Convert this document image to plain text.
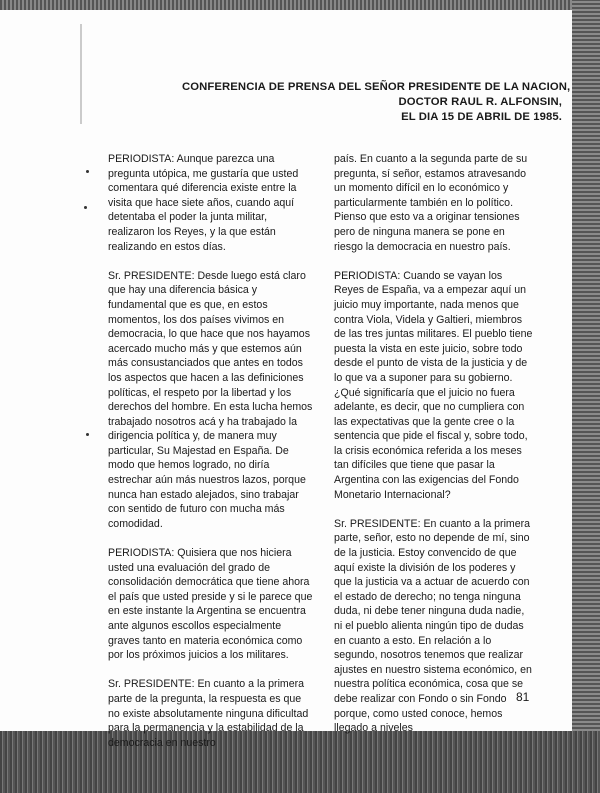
CONFERENCIA DE PRENSA DEL SEÑOR PRESIDENTE DE LA NACION,
DOCTOR RAUL R. ALFONSIN,
EL DIA 15 DE ABRIL DE 1985.

PERIODISTA: Aunque parezca una pregunta utópica, me gustaría que usted comentara qué diferencia existe entre la visita que hace siete años, cuando aquí detentaba el poder la junta militar, realizaron los Reyes, y la que están realizando en estos días.

Sr. PRESIDENTE: Desde luego está claro que hay una diferencia básica y fundamental que es que, en estos momentos, los dos países vivimos en democracia, lo que hace que nos hayamos acercado mucho más y que estemos aún más consustanciados que antes en todos los aspectos que hacen a las definiciones políticas, el respeto por la libertad y los derechos del hombre. En esta lucha hemos trabajado nosotros acá y ha trabajado la dirigencia política y, de manera muy particular, Su Majestad en España. De modo que hemos logrado, no diría estrechar aún más nuestros lazos, porque nunca han estado alejados, sino trabajar con sentido de futuro con mucha más comodidad.

PERIODISTA: Quisiera que nos hiciera usted una evaluación del grado de consolidación democrática que tiene ahora el país que usted preside y si le parece que en este instante la Argentina se encuentra ante algunos escollos especialmente graves tanto en materia económica como por los próximos juicios a los militares.

Sr. PRESIDENTE: En cuanto a la primera parte de la pregunta, la respuesta es que no existe absolutamente ninguna dificultad para la permanencia y la estabilidad de la democracia en nuestro

país. En cuanto a la segunda parte de su pregunta, sí señor, estamos atravesando un momento difícil en lo económico y particularmente también en lo político. Pienso que esto va a originar tensiones pero de ninguna manera se pone en riesgo la democracia en nuestro país.

PERIODISTA: Cuando se vayan los Reyes de España, va a empezar aquí un juicio muy importante, nada menos que contra Viola, Videla y Galtieri, miembros de las tres juntas militares. El pueblo tiene puesta la vista en este juicio, sobre todo desde el punto de vista de la justicia y de lo que va a suponer para su gobierno. ¿Qué significaría que el juicio no fuera adelante, es decir, que no cumpliera con las expectativas que la gente cree o la sentencia que pide el fiscal y, sobre todo, la crisis económica referida a los meses tan difíciles que tiene que pasar la Argentina con las exigencias del Fondo Monetario Internacional?

Sr. PRESIDENTE: En cuanto a la primera parte, señor, esto no depende de mí, sino de la justicia. Estoy convencido de que aquí existe la división de los poderes y que la justicia va a actuar de acuerdo con el estado de derecho; no tenga ninguna duda, ni debe tener ninguna duda nadie, ni el pueblo alienta ningún tipo de dudas en cuanto a esto. En relación a lo segundo, nosotros tenemos que realizar ajustes en nuestro sistema económico, en nuestra política económica, cosa que se debe realizar con Fondo o sin Fondo porque, como usted conoce, hemos llegado a niveles

81
